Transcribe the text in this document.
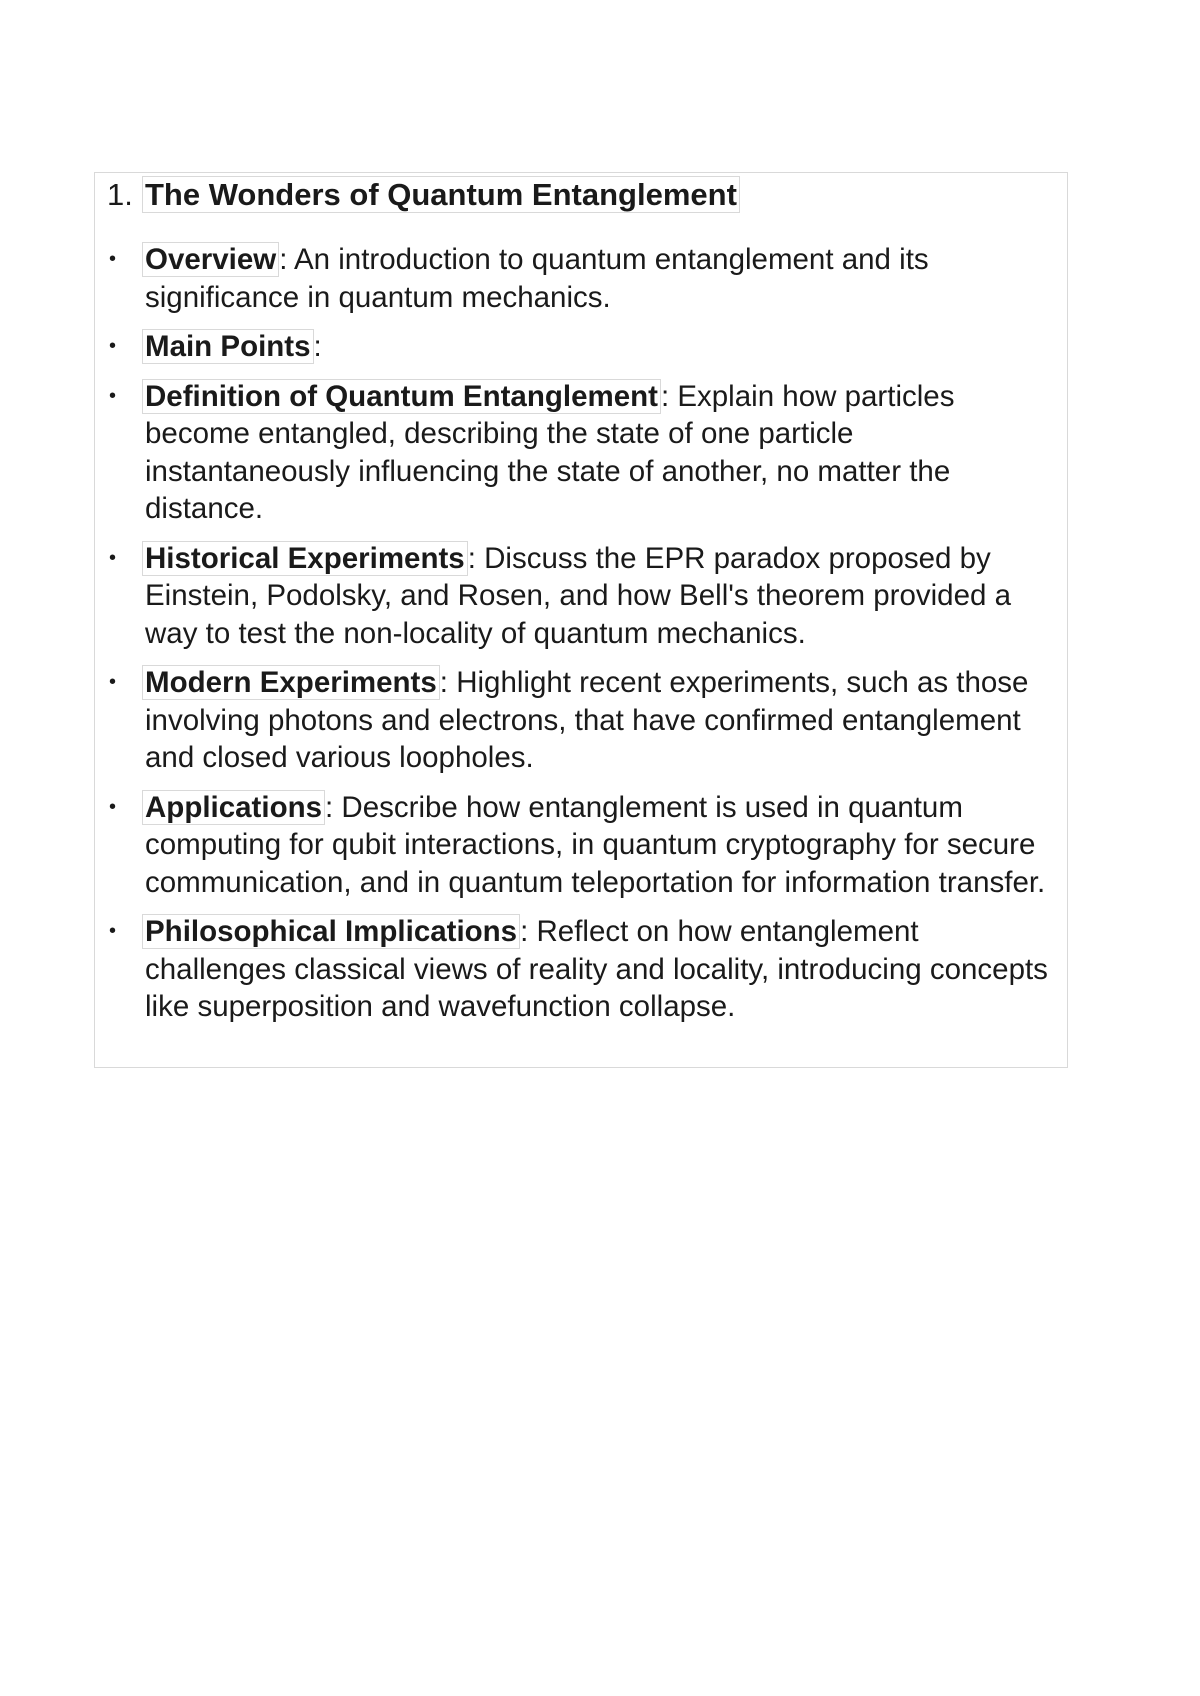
1. The Wonders of Quantum Entanglement
• Overview : An introduction to quantum entanglement and its significance in quantum mechanics.
• Main Points :
• Definition of Quantum Entanglement : Explain how particles become entangled, describing the state of one particle instantaneously influencing the state of another, no matter the distance.
• Historical Experiments : Discuss the EPR paradox proposed by Einstein, Podolsky, and Rosen, and how Bell's theorem provided a way to test the non-locality of quantum mechanics.
• Modern Experiments : Highlight recent experiments, such as those involving photons and electrons, that have confirmed entanglement and closed various loopholes.
• Applications : Describe how entanglement is used in quantum computing for qubit interactions, in quantum cryptography for secure communication, and in quantum teleportation for information transfer.
• Philosophical Implications : Reflect on how entanglement challenges classical views of reality and locality, introducing concepts like superposition and wavefunction collapse.
